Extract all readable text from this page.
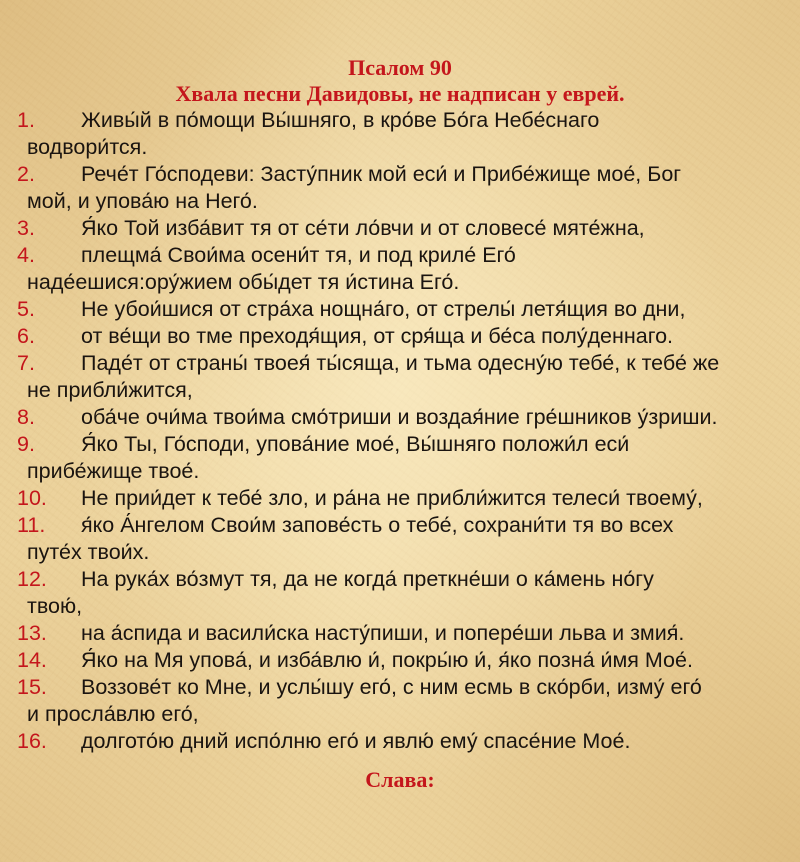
Псалом 90
Хвала песни Давидовы, не надписан у еврей.
1.	Живы́й в по́мощи Вы́шняго, в кро́ве Бо́га Небе́снаго
водвори́тся.
2.	Рече́т Го́сподеви: Засту́пник мой еси́ и Прибе́жище мое́, Бог
мой, и упова́ю на Него́.
3.	Я́ко Той изба́вит тя от се́ти ло́вчи и от словесе́ мяте́жна,
4.	плещма́ Свои́ма осени́т тя, и под криле́ Его́
наде́ешися:ору́жием обы́дет тя и́стина Его́.
5.	Не убои́шися от стра́ха нощна́го, от стрелы́ летя́щия во дни,
6.	от ве́щи во тме преходя́щия, от сря́ща и бе́са полу́деннаго.
7.	Паде́т от страны́ твоея́ ты́сяща, и тьма одесну́ю тебе́, к тебе́ же
не прибли́жится,
8.	оба́че очи́ма твои́ма смо́триши и воздая́ние гре́шников у́зриши.
9.	Я́ко Ты, Го́споди, упова́ние мое́, Вы́шняго положи́л еси́
прибе́жище твое́.
10.	Не прии́дет к тебе́ зло, и ра́на не прибли́жится телеси́ твоему́,
11.	я́ко А́нгелом Свои́м запове́сть о тебе́, сохрани́ти тя во всех
путе́х твои́х.
12.	На рука́х во́змут тя, да не когда́ преткне́ши о ка́мень но́гу
твою́,
13.	на а́спида и васили́ска насту́пиши, и попере́ши льва и змия́.
14.	Я́ко на Мя упова́, и изба́влю и́, покры́ю и́, я́ко позна́ и́мя Мое́.
15.	Воззове́т ко Мне, и услы́шу его́, с ним есмь в ско́рби, изму́ его́
и просла́влю его́,
16.	долгото́ю дний испо́лню его́ и явлю́ ему́ спасе́ние Мое́.
Слава:
